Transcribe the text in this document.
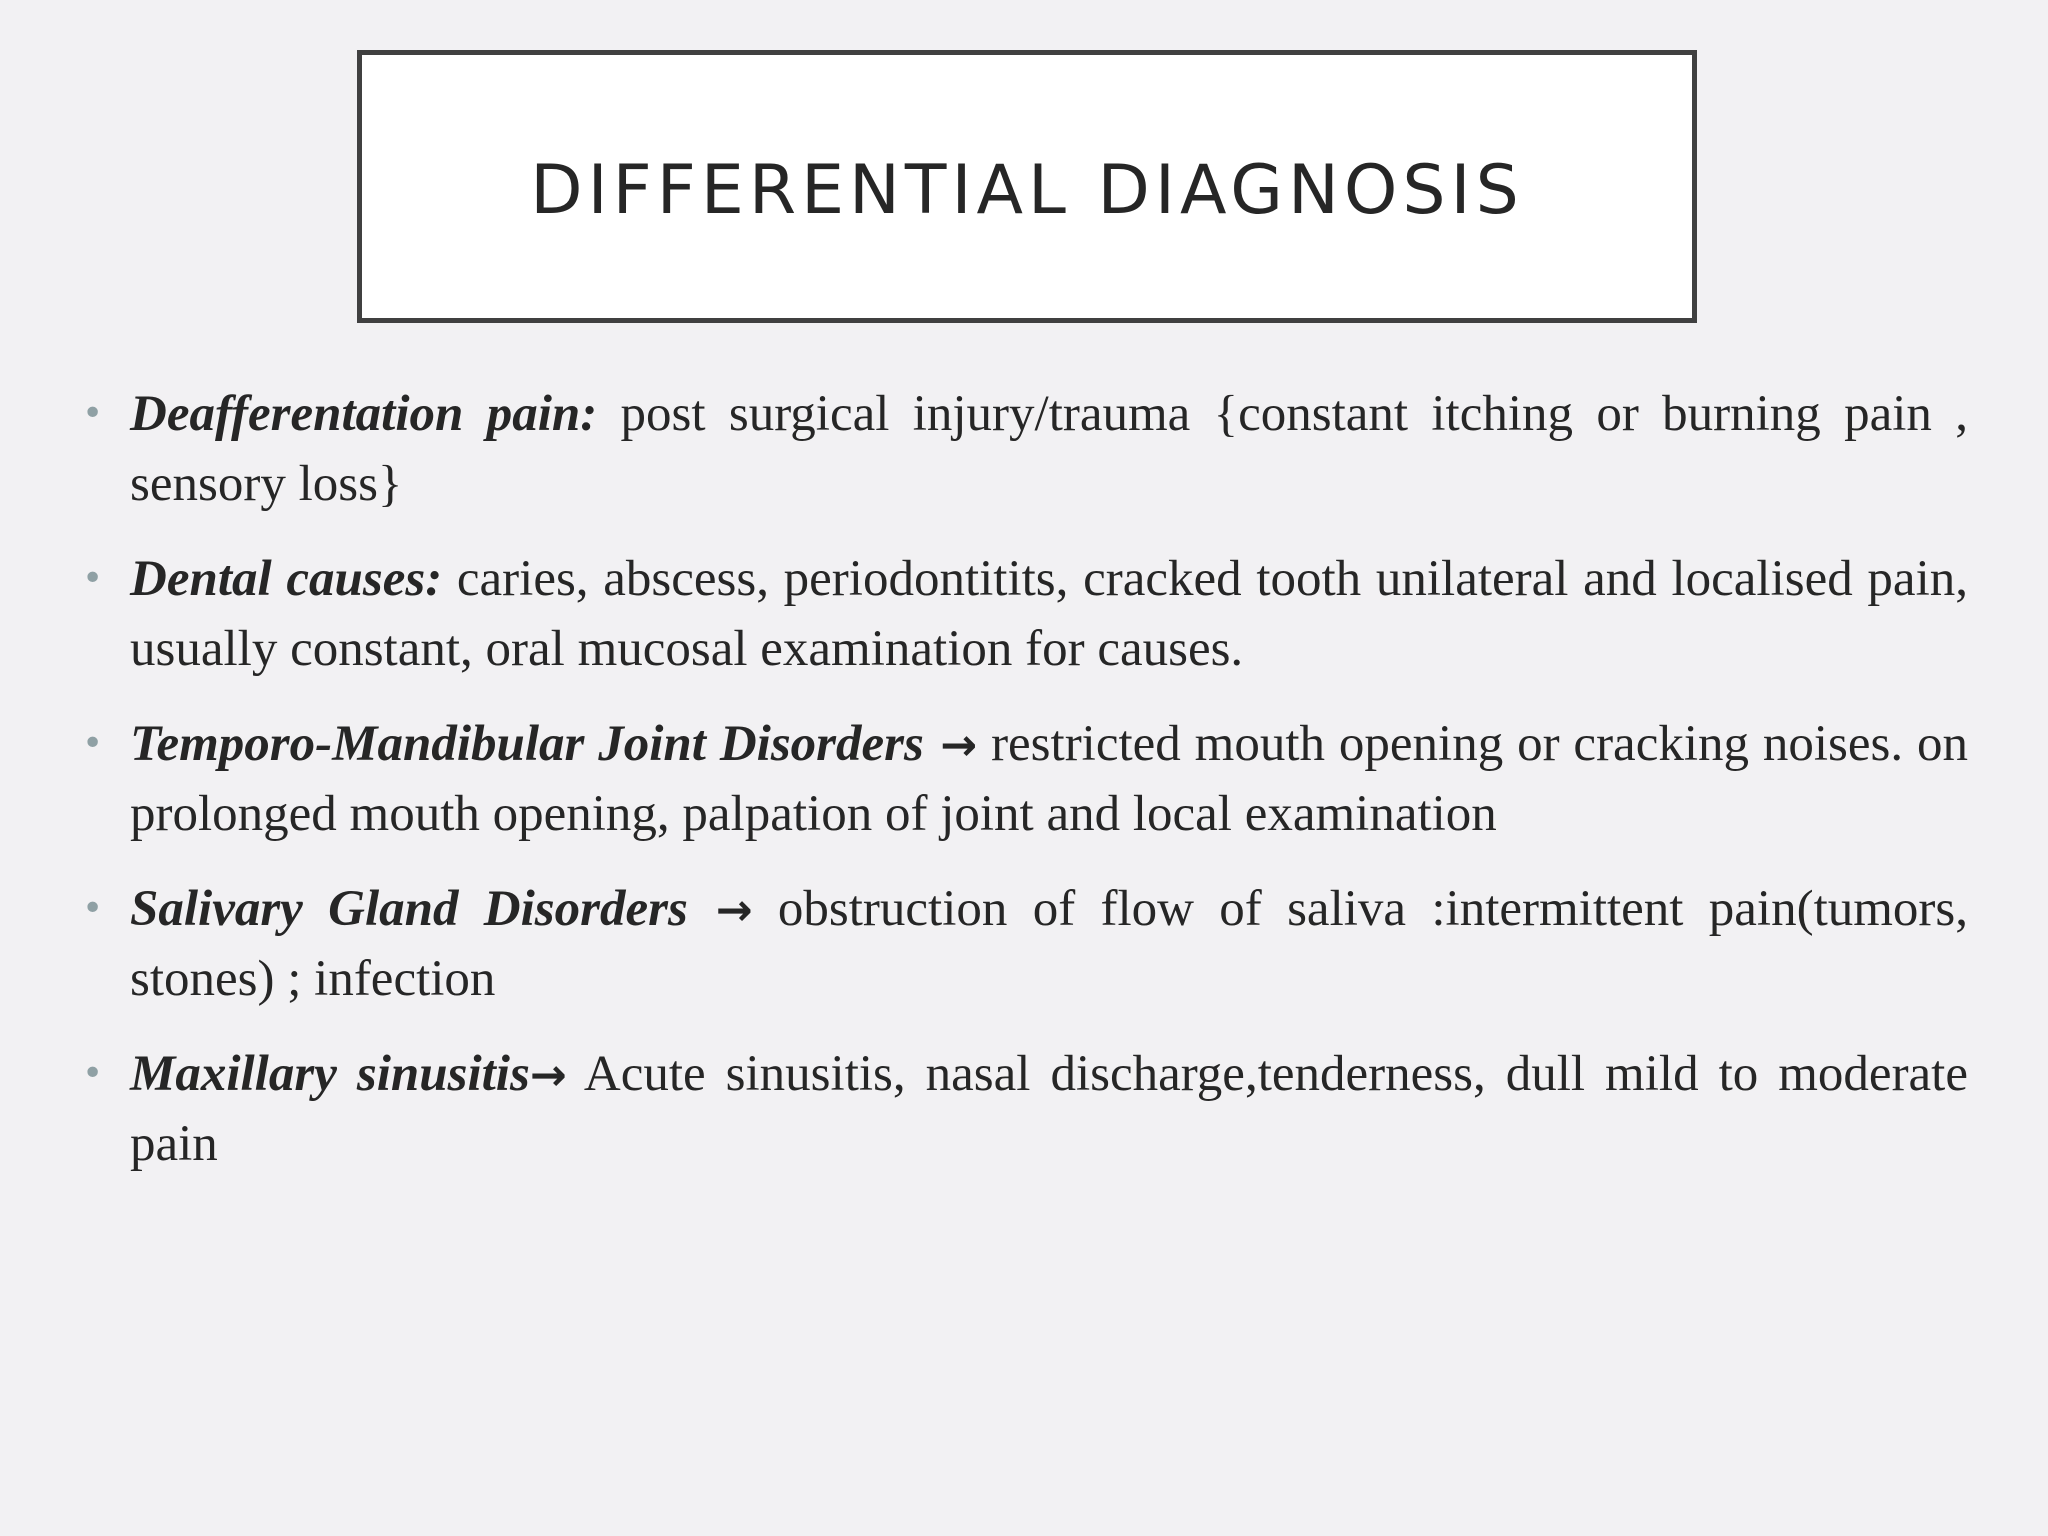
DIFFERENTIAL DIAGNOSIS
• Deafferentation pain: post surgical injury/trauma {constant itching or burning pain , sensory loss}
• Dental causes: caries, abscess, periodontitits, cracked tooth unilateral and localised pain, usually constant, oral mucosal examination for causes.
• Temporo-Mandibular Joint Disorders → restricted mouth opening or cracking noises. on prolonged mouth opening, palpation of joint and local examination
• Salivary Gland Disorders → obstruction of flow of saliva :intermittent pain(tumors, stones) ; infection
• Maxillary sinusitis→ Acute sinusitis, nasal discharge,tenderness, dull mild to moderate pain
